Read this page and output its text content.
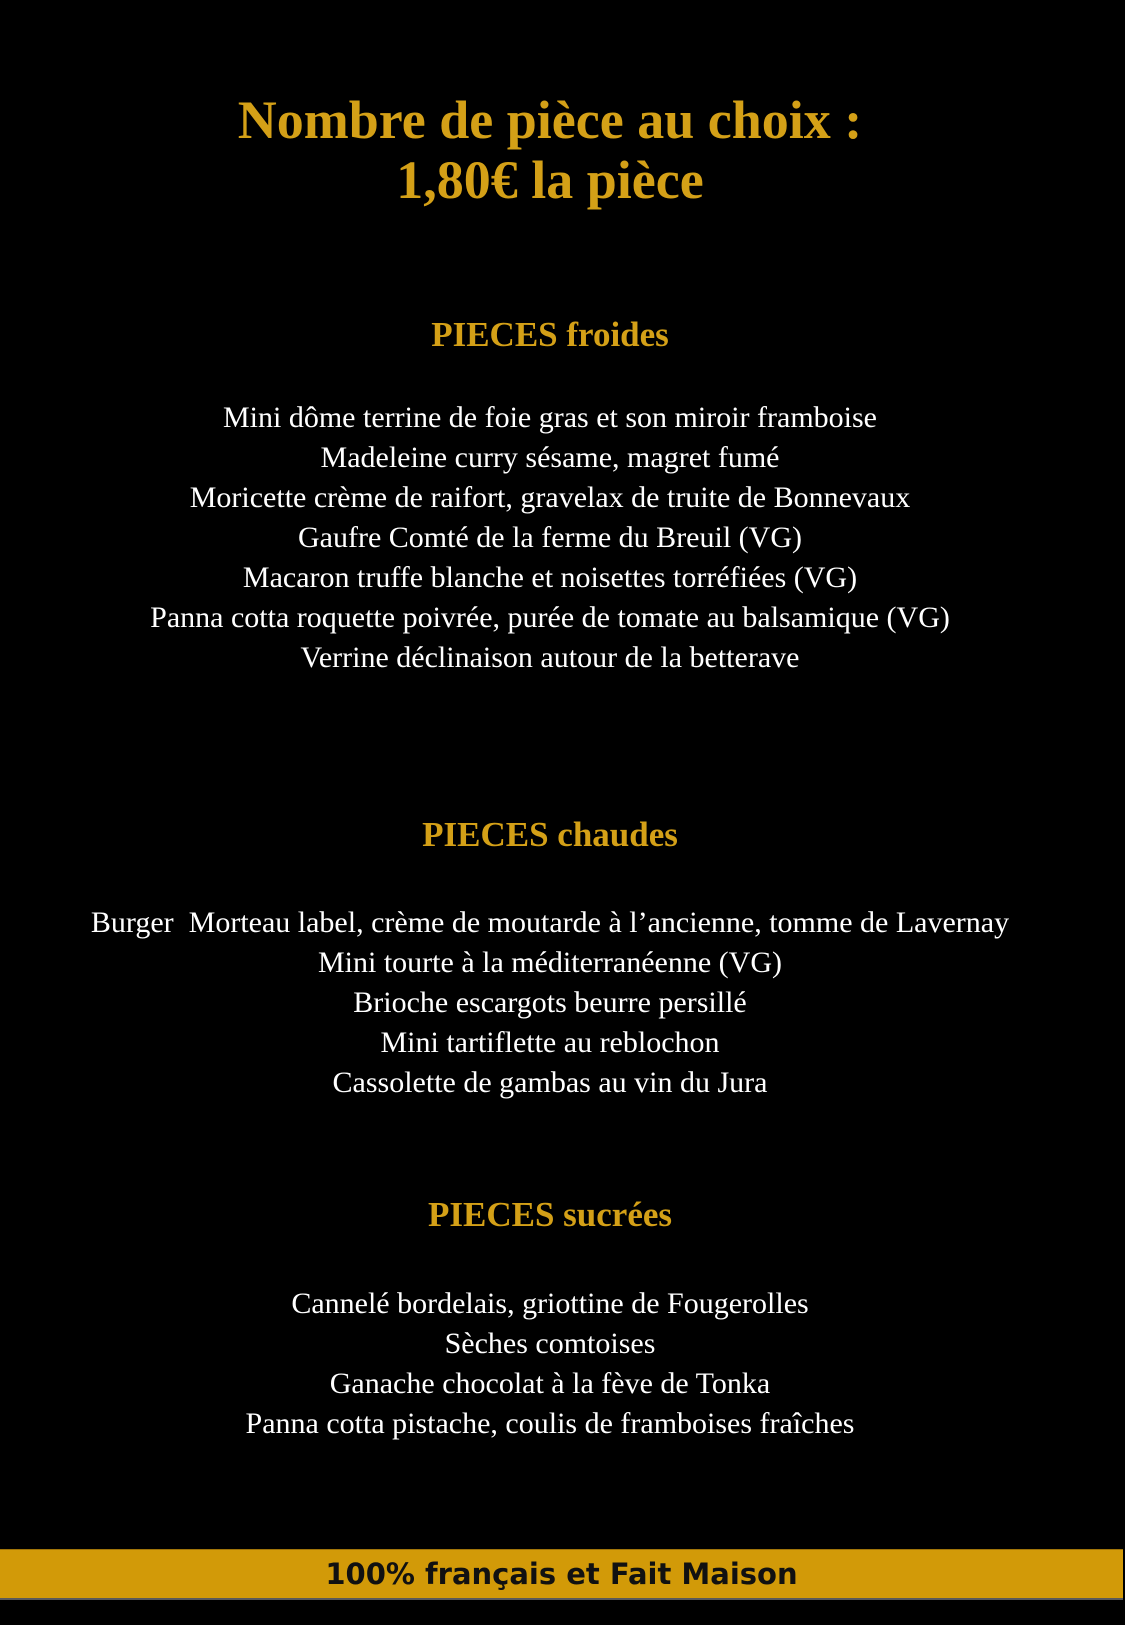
Nombre de pièce au choix :
1,80€ la pièce
PIECES froides
Mini dôme terrine de foie gras et son miroir framboise
Madeleine curry sésame, magret fumé
Moricette crème de raifort, gravelax de truite de Bonnevaux
Gaufre Comté de la ferme du Breuil (VG)
Macaron truffe blanche et noisettes torréfiées (VG)
Panna cotta roquette poivrée, purée de tomate au balsamique (VG)
Verrine déclinaison autour de la betterave
PIECES chaudes
Burger  Morteau label, crème de moutarde à l’ancienne, tomme de Lavernay
Mini tourte à la méditerranéenne (VG)
Brioche escargots beurre persillé
Mini tartiflette au reblochon
Cassolette de gambas au vin du Jura
PIECES sucrées
Cannelé bordelais, griottine de Fougerolles
Sèches comtoises
Ganache chocolat à la fève de Tonka
Panna cotta pistache, coulis de framboises fraîches
100% français et Fait Maison
